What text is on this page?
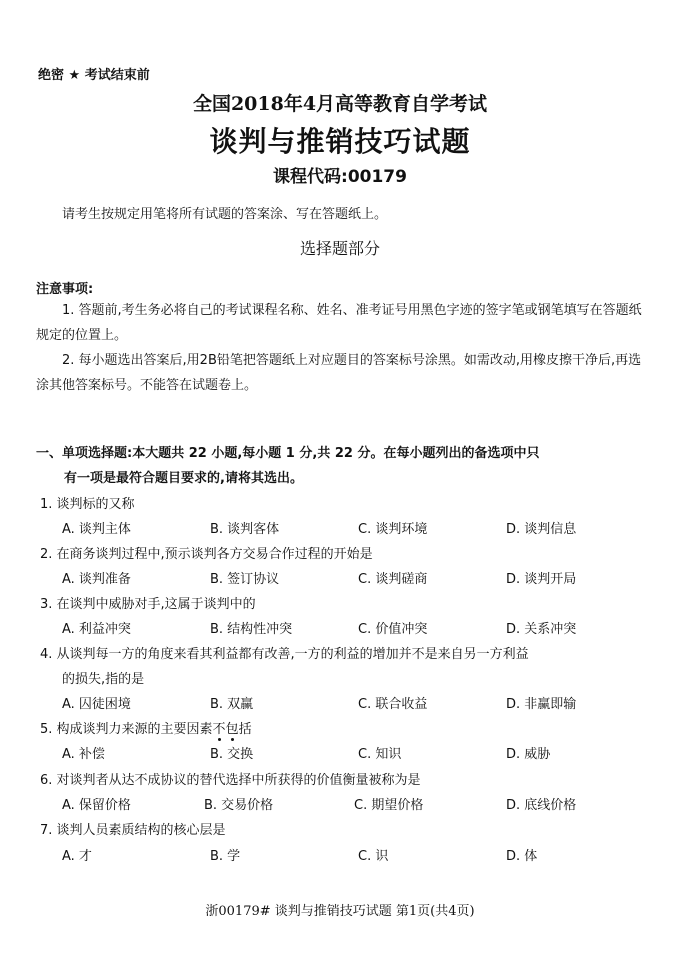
绝密 ★ 考试结束前
全国2018年4月高等教育自学考试
谈判与推销技巧试题
课程代码:00179
请考生按规定用笔将所有试题的答案涂、写在答题纸上。
选择题部分
注意事项:
1. 答题前,考生务必将自己的考试课程名称、姓名、准考证号用黑色字迹的签字笔或钢笔填写在答题纸规定的位置上。
2. 每小题选出答案后,用2B铅笔把答题纸上对应题目的答案标号涂黑。如需改动,用橡皮擦干净后,再选涂其他答案标号。不能答在试题卷上。
一、单项选择题:本大题共 22 小题,每小题 1 分,共 22 分。在每小题列出的备选项中只
有一项是最符合题目要求的,请将其选出。
1. 谈判标的又称
A. 谈判主体	B. 谈判客体	C. 谈判环境	D. 谈判信息
2. 在商务谈判过程中,预示谈判各方交易合作过程的开始是
A. 谈判准备	B. 签订协议	C. 谈判磋商	D. 谈判开局
3. 在谈判中威胁对手,这属于谈判中的
A. 利益冲突	B. 结构性冲突	C. 价值冲突	D. 关系冲突
4. 从谈判每一方的角度来看其利益都有改善,一方的利益的增加并不是来自另一方利益
的损失,指的是
A. 囚徒困境	B. 双赢	C. 联合收益	D. 非赢即输
5. 构成谈判力来源的主要因素不包括
A. 补偿	B. 交换	C. 知识	D. 威胁
6. 对谈判者从达不成协议的替代选择中所获得的价值衡量被称为是
A. 保留价格	B. 交易价格	C. 期望价格	D. 底线价格
7. 谈判人员素质结构的核心层是
A. 才	B. 学	C. 识	D. 体
浙00179# 谈判与推销技巧试题 第1页(共4页)
